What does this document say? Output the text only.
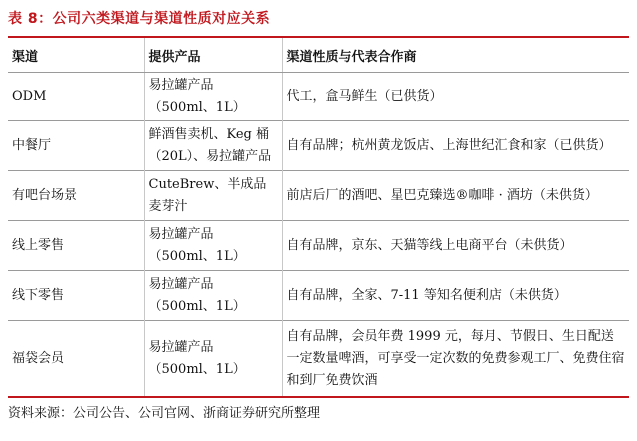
表 8：公司六类渠道与渠道性质对应关系
渠道	提供产品	渠道性质与代表合作商
ODM	易拉罐产品（500ml、1L）	代工，盒马鲜生（已供货）
中餐厅	鲜酒售卖机、Keg 桶（20L）、易拉罐产品	自有品牌；杭州黄龙饭店、上海世纪汇食和家（已供货）
有吧台场景	CuteBrew、半成品麦芽汁	前店后厂的酒吧、星巴克臻选®咖啡 · 酒坊（未供货）
线上零售	易拉罐产品（500ml、1L）	自有品牌，京东、天猫等线上电商平台（未供货）
线下零售	易拉罐产品（500ml、1L）	自有品牌，全家、7-11 等知名便利店（未供货）
福袋会员	易拉罐产品（500ml、1L）	自有品牌，会员年费 1999 元，每月、节假日、生日配送一定数量啤酒，可享受一定次数的免费参观工厂、免费住宿和到厂免费饮酒
资料来源：公司公告、公司官网、浙商证券研究所整理
